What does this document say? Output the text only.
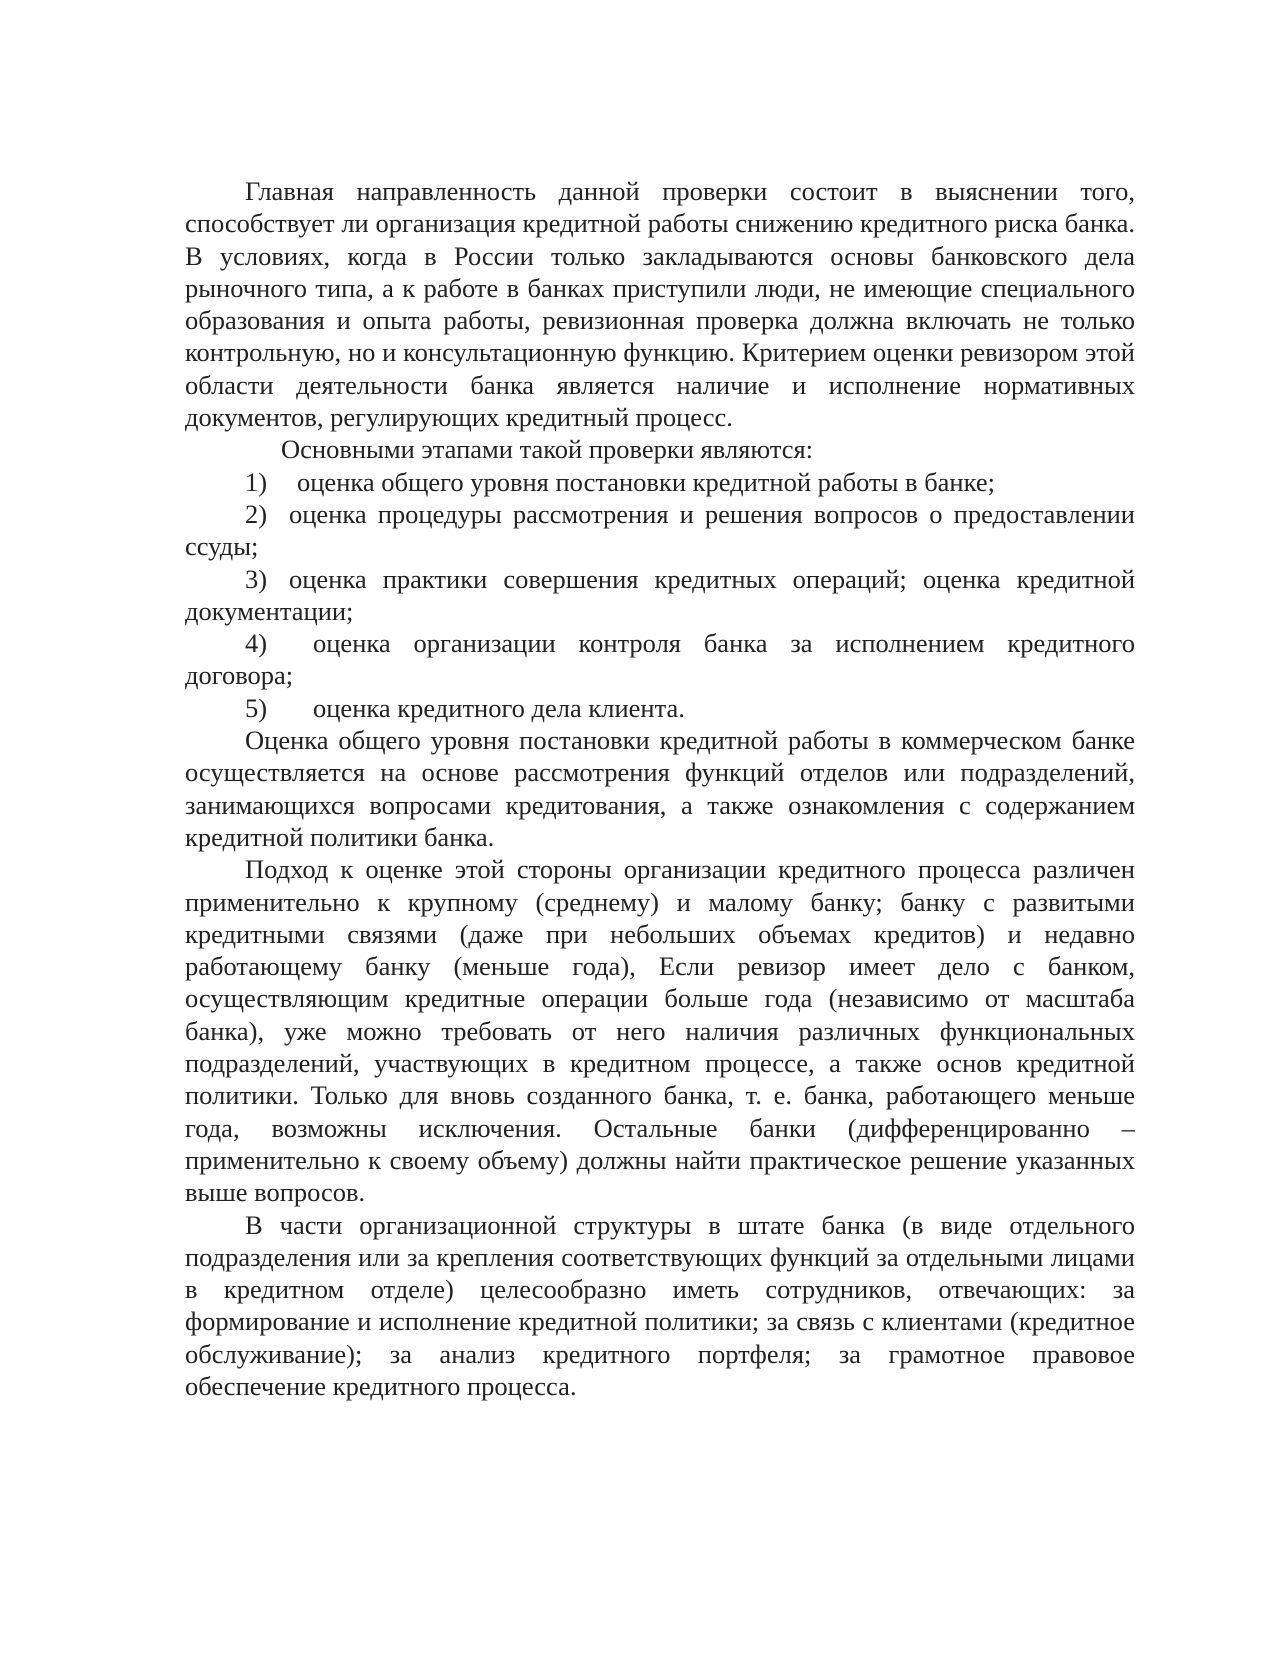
Главная направленность данной проверки состоит в выяснении того, способствует ли организация кредитной работы снижению кредитного риска банка. В условиях, когда в России только закладываются основы банковского дела рыночного типа, а к работе в банках приступили люди, не имеющие специального образования и опыта работы, ревизионная проверка должна включать не только контрольную, но и консультационную функцию. Критерием оценки ревизором этой области деятельности банка является наличие и исполнение нормативных документов, регулирующих кредитный процесс.

Основными этапами такой проверки являются:

1) оценка общего уровня постановки кредитной работы в банке;

2) оценка процедуры рассмотрения и решения вопросов о предоставлении ссуды;

3) оценка практики совершения кредитных операций; оценка кредитной документации;

4) оценка организации контроля банка за исполнением кредитного договора;

5) оценка кредитного дела клиента.

Оценка общего уровня постановки кредитной работы в коммерческом банке осуществляется на основе рассмотрения функций отделов или подразделений, занимающихся вопросами кредитования, а также ознакомления с содержанием кредитной политики банка.

Подход к оценке этой стороны организации кредитного процесса различен применительно к крупному (среднему) и малому банку; банку с развитыми кредитными связями (даже при небольших объемах кредитов) и недавно работающему банку (меньше года), Если ревизор имеет дело с банком, осуществляющим кредитные операции больше года (независимо от масштаба банка), уже можно требовать от него наличия различных функциональных подразделений, участвующих в кредитном процессе, а также основ кредитной политики. Только для вновь созданного банка, т. е. банка, работающего меньше года, возможны исключения. Остальные банки (дифференцированно – применительно к своему объему) должны найти практическое решение указанных выше вопросов.

В части организационной структуры в штате банка (в виде отдельного подразделения или за крепления соответствующих функций за отдельными лицами в кредитном отделе) целесообразно иметь сотрудников, отвечающих: за формирование и исполнение кредитной политики; за связь с клиентами (кредитное обслуживание); за анализ кредитного портфеля; за грамотное правовое обеспечение кредитного процесса.
